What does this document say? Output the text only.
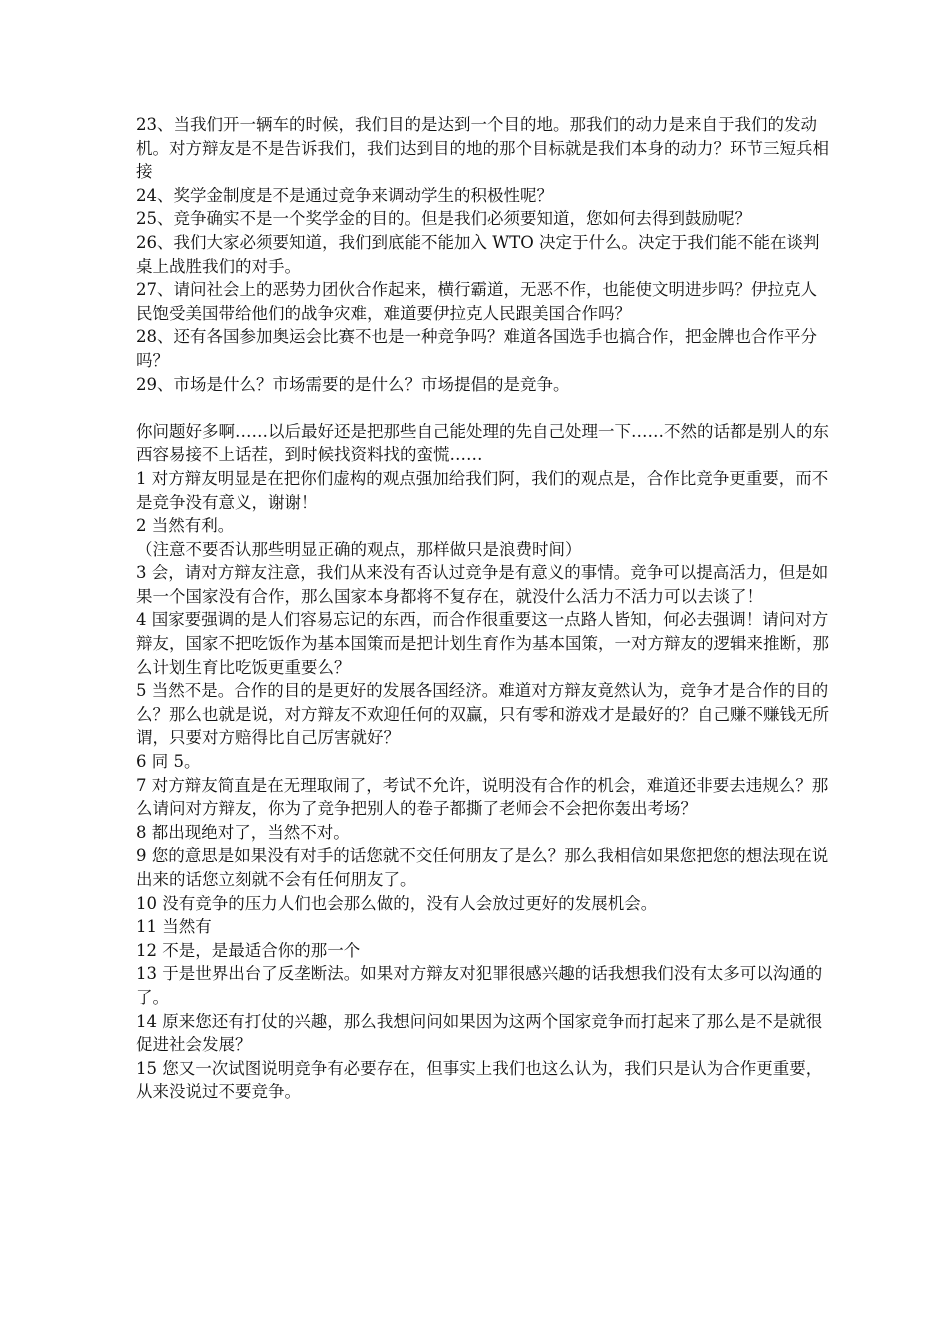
23、当我们开一辆车的时候，我们目的是达到一个目的地。那我们的动力是来自于我们的发动机。对方辩友是不是告诉我们，我们达到目的地的那个目标就是我们本身的动力？环节三短兵相接

24、奖学金制度是不是通过竞争来调动学生的积极性呢？

25、竞争确实不是一个奖学金的目的。但是我们必须要知道，您如何去得到鼓励呢？

26、我们大家必须要知道，我们到底能不能加入 WTO 决定于什么。决定于我们能不能在谈判桌上战胜我们的对手。

27、请问社会上的恶势力团伙合作起来，横行霸道，无恶不作，也能使文明进步吗？伊拉克人民饱受美国带给他们的战争灾难，难道要伊拉克人民跟美国合作吗？

28、还有各国参加奥运会比赛不也是一种竞争吗？难道各国选手也搞合作，把金牌也合作平分吗？

29、市场是什么？市场需要的是什么？市场提倡的是竞争。

你问题好多啊……以后最好还是把那些自己能处理的先自己处理一下……不然的话都是别人的东西容易接不上话茬，到时候找资料找的蛮慌……

1 对方辩友明显是在把你们虚构的观点强加给我们阿，我们的观点是，合作比竞争更重要，而不是竞争没有意义，谢谢！

2 当然有利。

（注意不要否认那些明显正确的观点，那样做只是浪费时间）

3 会，请对方辩友注意，我们从来没有否认过竞争是有意义的事情。竞争可以提高活力，但是如果一个国家没有合作，那么国家本身都将不复存在，就没什么活力不活力可以去谈了！

4 国家要强调的是人们容易忘记的东西，而合作很重要这一点路人皆知，何必去强调！请问对方辩友，国家不把吃饭作为基本国策而是把计划生育作为基本国策，一对方辩友的逻辑来推断，那么计划生育比吃饭更重要么？

5 当然不是。合作的目的是更好的发展各国经济。难道对方辩友竟然认为，竞争才是合作的目的么？那么也就是说，对方辩友不欢迎任何的双赢，只有零和游戏才是最好的？自己赚不赚钱无所谓，只要对方赔得比自己厉害就好？

6 同 5。

7 对方辩友简直是在无理取闹了，考试不允许，说明没有合作的机会，难道还非要去违规么？那么请问对方辩友，你为了竞争把别人的卷子都撕了老师会不会把你轰出考场？

8 都出现绝对了，当然不对。

9 您的意思是如果没有对手的话您就不交任何朋友了是么？那么我相信如果您把您的想法现在说出来的话您立刻就不会有任何朋友了。

10 没有竞争的压力人们也会那么做的，没有人会放过更好的发展机会。

11 当然有

12 不是，是最适合你的那一个

13 于是世界出台了反垄断法。如果对方辩友对犯罪很感兴趣的话我想我们没有太多可以沟通的了。

14 原来您还有打仗的兴趣，那么我想问问如果因为这两个国家竞争而打起来了那么是不是就很促进社会发展？

15 您又一次试图说明竞争有必要存在，但事实上我们也这么认为，我们只是认为合作更重要，从来没说过不要竞争。
